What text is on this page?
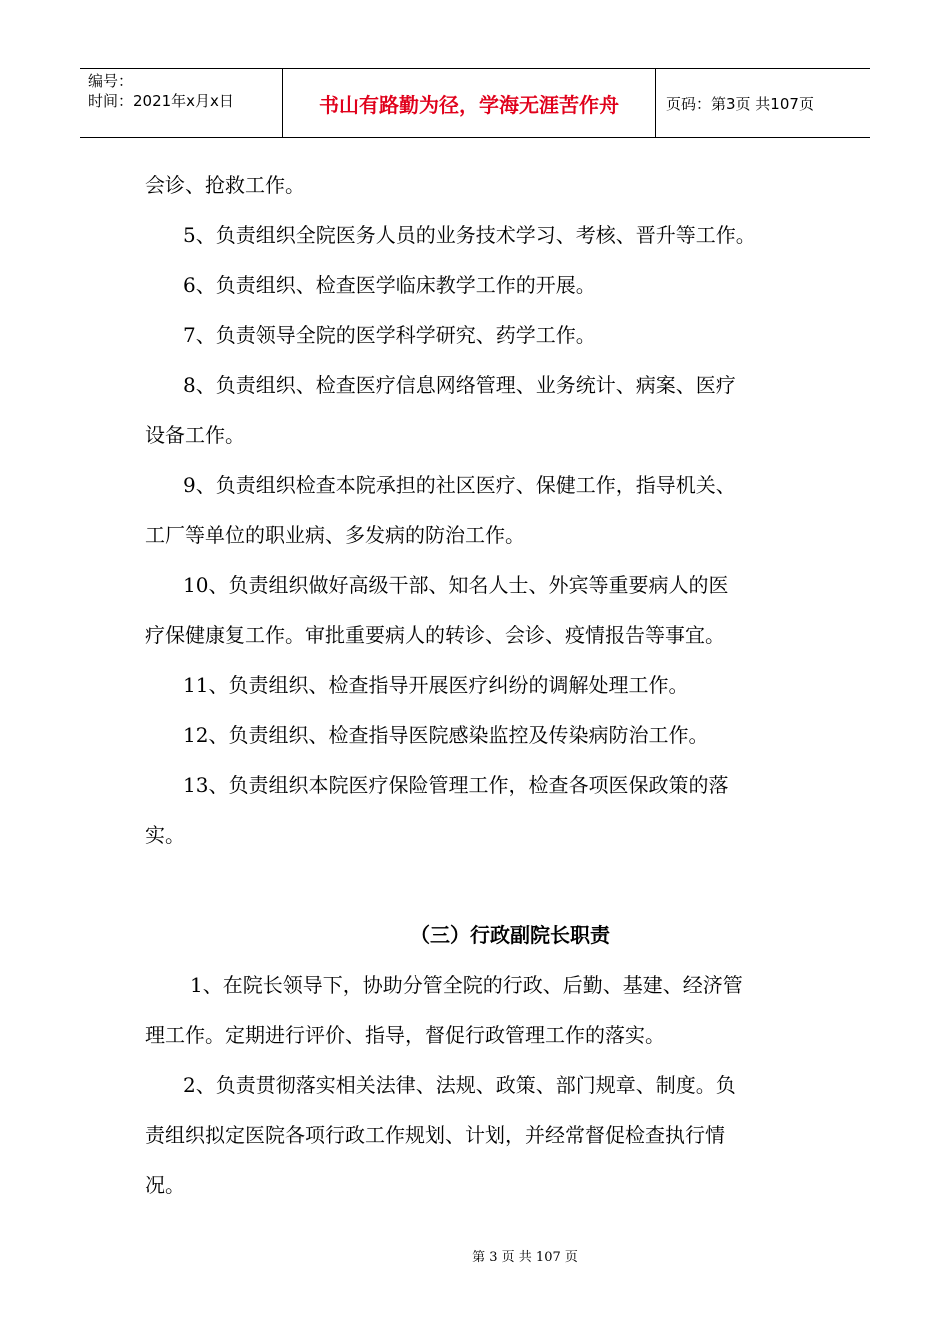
编号：
时间：2021年x月x日	书山有路勤为径，学海无涯苦作舟	页码：第3页 共107页
会诊、抢救工作。
5、负责组织全院医务人员的业务技术学习、考核、晋升等工作。
6、负责组织、检查医学临床教学工作的开展。
7、负责领导全院的医学科学研究、药学工作。
8、负责组织、检查医疗信息网络管理、业务统计、病案、医疗
设备工作。
9、负责组织检查本院承担的社区医疗、保健工作，指导机关、
工厂等单位的职业病、多发病的防治工作。
10、负责组织做好高级干部、知名人士、外宾等重要病人的医
疗保健康复工作。审批重要病人的转诊、会诊、疫情报告等事宜。
11、负责组织、检查指导开展医疗纠纷的调解处理工作。
12、负责组织、检查指导医院感染监控及传染病防治工作。
13、负责组织本院医疗保险管理工作，检查各项医保政策的落
实。
（三）行政副院长职责
1、在院长领导下，协助分管全院的行政、后勤、基建、经济管
理工作。定期进行评价、指导，督促行政管理工作的落实。
2、负责贯彻落实相关法律、法规、政策、部门规章、制度。负
责组织拟定医院各项行政工作规划、计划，并经常督促检查执行情
况。
第 3 页 共 107 页
